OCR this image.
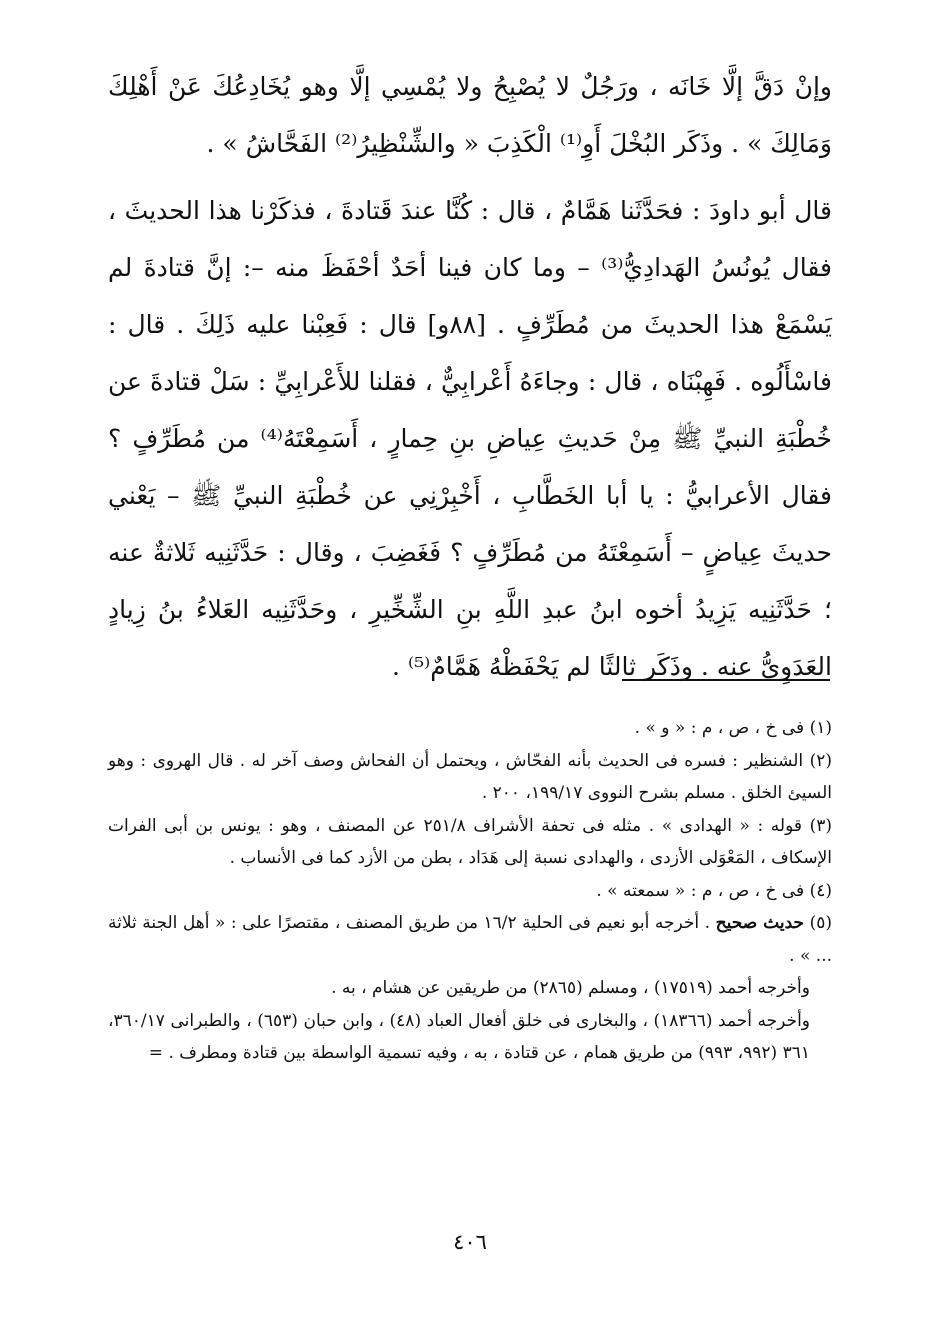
وإنْ دَقَّ إلَّا خَانَه ، ورَجُلٌ لا يُصْبِحُ ولا يُمْسِي إلَّا وهو يُخَادِعُكَ عَنْ أَهْلِكَ وَمَالِكَ » . وذَكَر البُخْلَ أَوِ⁽¹⁾ الْكَذِبَ « والشِّنْظِيرُ⁽²⁾ الفَحَّاشُ » .

قال أبو داودَ : فحَدَّثَنا هَمَّامٌ ، قال : كُنَّا عندَ قَتادةَ ، فذكَرْنا هذا الحديثَ ، فقال يُونُسُ الهَدادِيُّ⁽³⁾ – وما كان فينا أحَدٌ أحْفَظَ منه –: إنَّ قتادةَ لم يَسْمَعْ هذا الحديثَ من مُطَرِّفٍ . [٨٨و] قال : فَعِبْنا عليه ذَلِكَ . قال : فاسْأَلُوه . فَهِبْنَاه ، قال : وجاءَهُ أَعْرابِيٌّ ، فقلنا للأَعْرابِيِّ : سَلْ قتادةَ عن خُطْبَةِ النبيِّ ﷺ مِنْ حَديثِ عِياضِ بنِ حِمارٍ ، أَسَمِعْتَهُ⁽⁴⁾ من مُطَرِّفٍ ؟ فقال الأعرابيُّ : يا أبا الخَطَّابِ ، أَخْبِرْنِي عن خُطْبَةِ النبيِّ ﷺ – يَعْني حديثَ عِياضٍ – أَسَمِعْتَهُ من مُطَرِّفٍ ؟ فَغَضِبَ ، وقال : حَدَّثَنِيه ثَلاثةٌ عنه ؛ حَدَّثَنِيه يَزِيدُ أخوه ابنُ عبدِ اللَّهِ بنِ الشِّخِّيرِ ، وحَدَّثَنِيه العَلاءُ بنُ زِيادٍ العَدَوِيُّ عنه . وذَكَر ثالثًا لم يَحْفَظْهُ هَمَّامٌ⁽⁵⁾ .

(١) فى خ ، ص ، م : « و » .

(٢) الشنظير : فسره فى الحديث بأنه الفحّاش ، ويحتمل أن الفحاش وصف آخر له . قال الهروى : وهو السيئ الخلق . مسلم بشرح النووى ١٩٩/١٧، ٢٠٠ .

(٣) قوله : « الهدادى » . مثله فى تحفة الأشراف ٢٥١/٨ عن المصنف ، وهو : يونس بن أبى الفرات الإسكاف ، المَعْوَلى الأزدى ، والهدادى نسبة إلى هَدَاد ، بطن من الأزد كما فى الأنساب .

(٤) فى خ ، ص ، م : « سمعته » .

(٥) حديث صحيح . أخرجه أبو نعيم فى الحلية ١٦/٢ من طريق المصنف ، مقتصرًا على : « أهل الجنة ثلاثة ... » .

وأخرجه أحمد (١٧٥١٩) ، ومسلم (٢٨٦٥) من طريقين عن هشام ، به .

وأخرجه أحمد (١٨٣٦٦) ، والبخارى فى خلق أفعال العباد (٤٨) ، وابن حبان (٦٥٣) ، والطبرانى ٣٦٠/١٧، ٣٦١ (٩٩٢، ٩٩٣) من طريق همام ، عن قتادة ، به ، وفيه تسمية الواسطة بين قتادة ومطرف . =

٤٠٦
